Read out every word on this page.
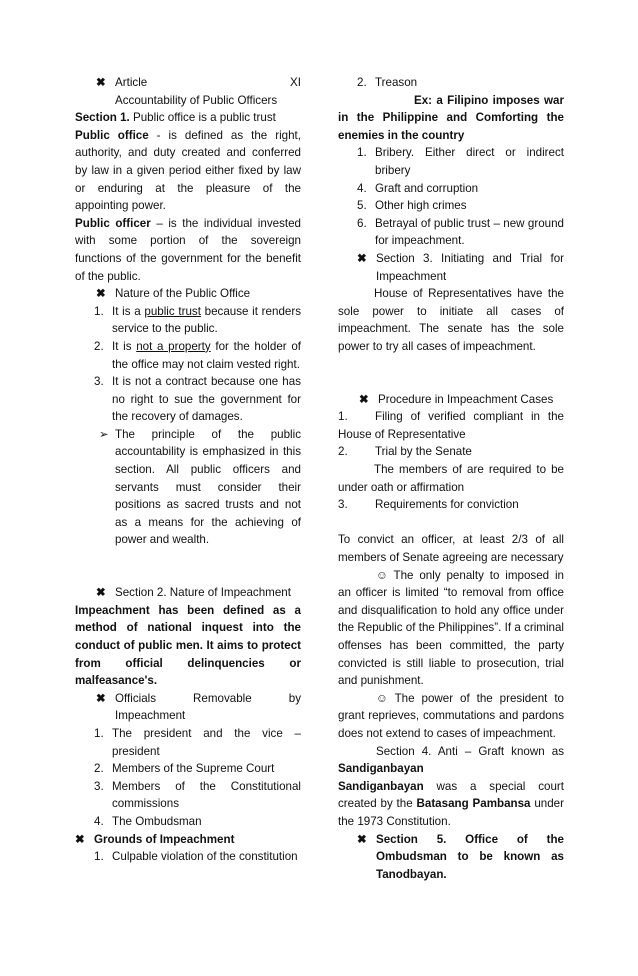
✖ Article	XI
Accountability of Public Officers

Section 1. Public office is a public trust

Public office - is defined as the right, authority, and duty created and conferred by law in a given period either fixed by law or enduring at the pleasure of the appointing power.

Public officer – is the individual invested with some portion of the sovereign functions of the government for the benefit of the public.

✖ Nature of the Public Office
1. It is a public trust because it renders service to the public.
2. It is not a property for the holder of the office may not claim vested right.
3. It is not a contract because one has no right to sue the government for the recovery of damages.
➢ The principle of the public accountability is emphasized in this section. All public officers and servants must consider their positions as sacred trusts and not as a means for the achieving of power and wealth.
✖ Section 2. Nature of Impeachment

Impeachment has been defined as a method of national inquest into the conduct of public men. It aims to protect from official delinquencies or malfeasance's.

✖ Officials Removable by Impeachment
1. The president and the vice – president
2. Members of the Supreme Court
3. Members of the Constitutional commissions
4. The Ombudsman
✖ Grounds of Impeachment
1. Culpable violation of the constitution
2. Treason

Ex: a Filipino imposes war in the Philippine and Comforting the enemies in the country

1. Bribery. Either direct or indirect bribery
4. Graft and corruption
5. Other high crimes
6. Betrayal of public trust – new ground for impeachment.
✖ Section 3. Initiating and Trial for Impeachment

House of Representatives have the sole power to initiate all cases of impeachment. The senate has the sole power to try all cases of impeachment.

✖ Procedure in Impeachment Cases

1. Filing of verified compliant in the House of Representative

2. Trial by the Senate

The members of are required to be under oath or affirmation

3. Requirements for conviction

To convict an officer, at least 2/3 of all members of Senate agreeing are necessary

☺ The only penalty to imposed in an officer is limited “to removal from office and disqualification to hold any office under the Republic of the Philippines”. If a criminal offenses has been committed, the party convicted is still liable to prosecution, trial and punishment.

☺ The power of the president to grant reprieves, commutations and pardons does not extend to cases of impeachment.

Section 4. Anti – Graft known as Sandiganbayan

Sandiganbayan was a special court created by the Batasang Pambansa under the 1973 Constitution.

✖ Section 5. Office of the Ombudsman to be known as Tanodbayan.
